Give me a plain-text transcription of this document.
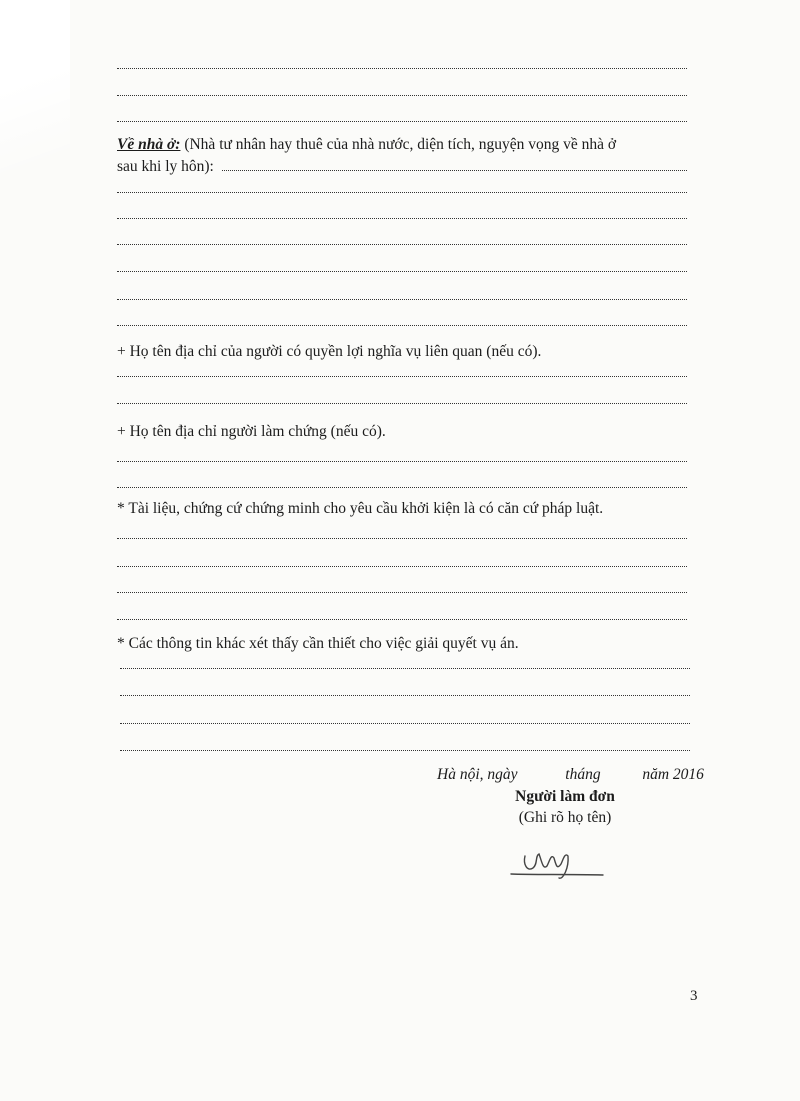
Về nhà ở: (Nhà tư nhân hay thuê của nhà nước, diện tích, nguyện vọng về nhà ở
sau khi ly hôn):
+ Họ tên địa chỉ của người có quyền lợi nghĩa vụ liên quan (nếu có).
+ Họ tên địa chỉ người làm chứng (nếu có).
* Tài liệu, chứng cứ chứng minh cho yêu cầu khởi kiện là có căn cứ pháp luật.
* Các thông tin khác xét thấy cần thiết cho việc giải quyết vụ án.
Hà nội, ngày	tháng	năm 2016
Người làm đơn
(Ghi rõ họ tên)
3
